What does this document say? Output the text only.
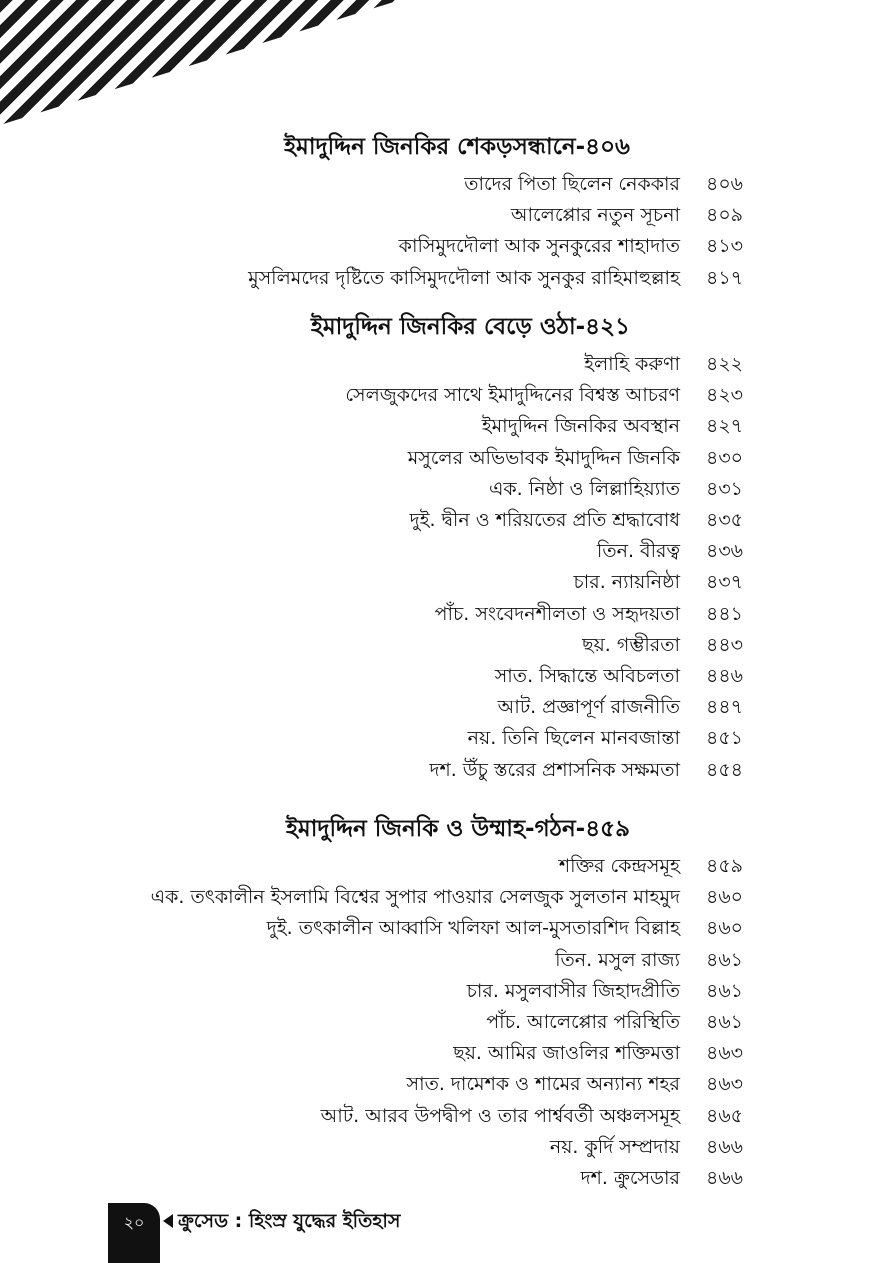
ইমাদুদ্দিন জিনকির শেকড়সন্ধানে-৪০৬
তাদের পিতা ছিলেন নেককার ৪০৬
আলেপ্পোর নতুন সূচনা ৪০৯
কাসিমুদদৌলা আক সুনকুরের শাহাদাত ৪১৩
মুসলিমদের দৃষ্টিতে কাসিমুদদৌলা আক সুনকুর রাহিমাহুল্লাহ ৪১৭
ইমাদুদ্দিন জিনকির বেড়ে ওঠা-৪২১
ইলাহি করুণা ৪২২
সেলজুকদের সাথে ইমাদুদ্দিনের বিশ্বস্ত আচরণ ৪২৩
ইমাদুদ্দিন জিনকির অবস্থান ৪২৭
মসুলের অভিভাবক ইমাদুদ্দিন জিনকি ৪৩০
এক. নিষ্ঠা ও লিল্লাহিয়্যাত ৪৩১
দুই. দ্বীন ও শরিয়তের প্রতি শ্রদ্ধাবোধ ৪৩৫
তিন. বীরত্ব ৪৩৬
চার. ন্যায়নিষ্ঠা ৪৩৭
পাঁচ. সংবেদনশীলতা ও সহৃদয়তা ৪৪১
ছয়. গম্ভীরতা ৪৪৩
সাত. সিদ্ধান্তে অবিচলতা ৪৪৬
আট. প্রজ্ঞাপূর্ণ রাজনীতি ৪৪৭
নয়. তিনি ছিলেন মানবজান্তা ৪৫১
দশ. উঁচু স্তরের প্রশাসনিক সক্ষমতা ৪৫৪
ইমাদুদ্দিন জিনকি ও উম্মাহ-গঠন-৪৫৯
শক্তির কেন্দ্রসমূহ ৪৫৯
এক. তৎকালীন ইসলামি বিশ্বের সুপার পাওয়ার সেলজুক সুলতান মাহমুদ ৪৬০
দুই. তৎকালীন আব্বাসি খলিফা আল-মুসতারশিদ বিল্লাহ ৪৬০
তিন. মসুল রাজ্য ৪৬১
চার. মসুলবাসীর জিহাদপ্রীতি ৪৬১
পাঁচ. আলেপ্পোর পরিস্থিতি ৪৬১
ছয়. আমির জাওলির শক্তিমত্তা ৪৬৩
সাত. দামেশক ও শামের অন্যান্য শহর ৪৬৩
আট. আরব উপদ্বীপ ও তার পার্শ্ববর্তী অঞ্চলসমূহ ৪৬৫
নয়. কুর্দি সম্প্রদায় ৪৬৬
দশ. ক্রুসেডার ৪৬৬
২০	ক্রুসেড : হিংস্র যুদ্ধের ইতিহাস
